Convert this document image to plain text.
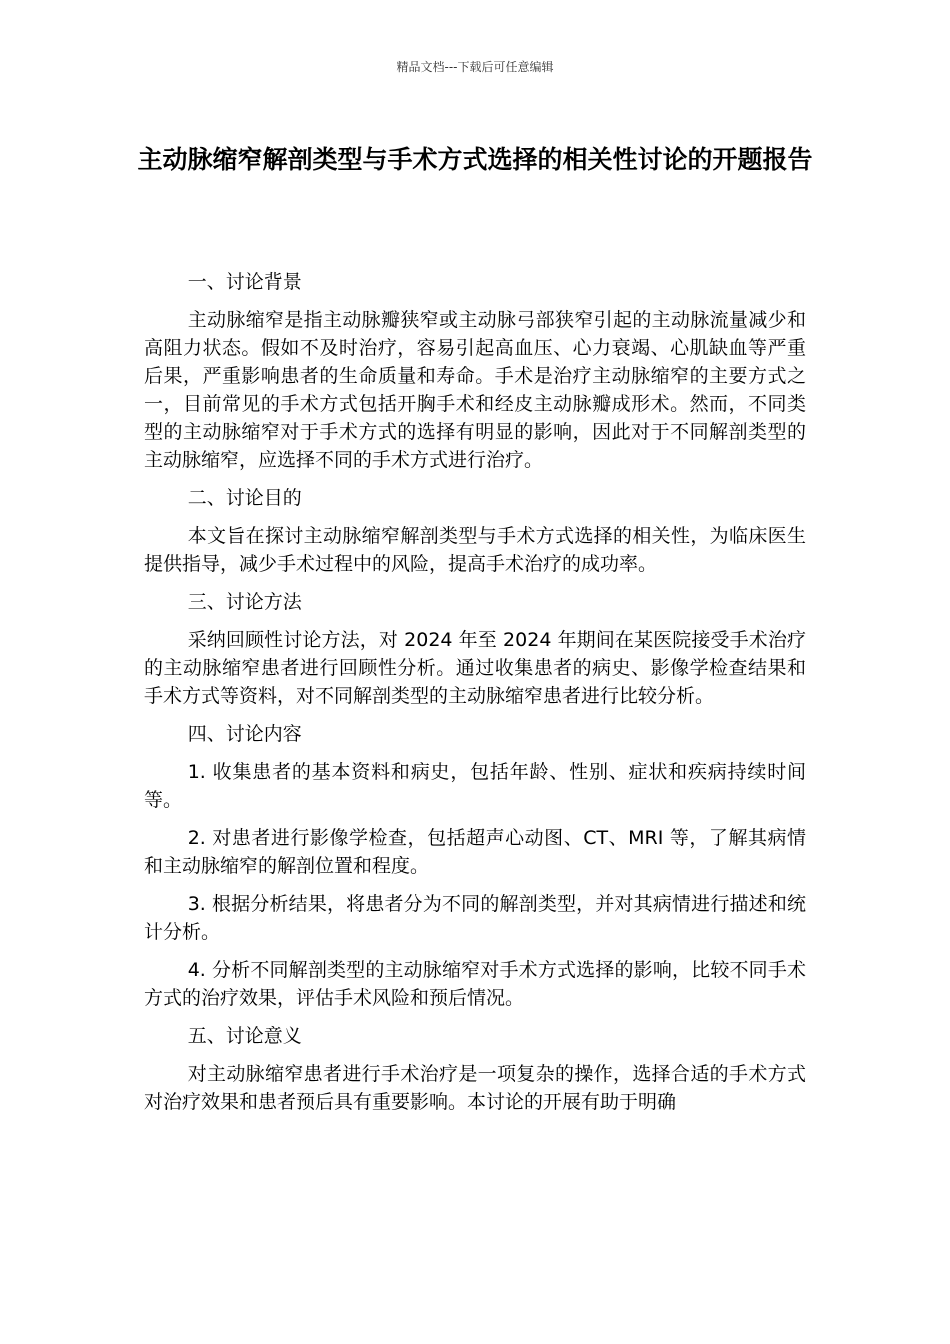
精品文档---下载后可任意编辑
主动脉缩窄解剖类型与手术方式选择的相关性讨论的开题报告
一、讨论背景

主动脉缩窄是指主动脉瓣狭窄或主动脉弓部狭窄引起的主动脉流量减少和高阻力状态。假如不及时治疗，容易引起高血压、心力衰竭、心肌缺血等严重后果，严重影响患者的生命质量和寿命。手术是治疗主动脉缩窄的主要方式之一，目前常见的手术方式包括开胸手术和经皮主动脉瓣成形术。然而，不同类型的主动脉缩窄对于手术方式的选择有明显的影响，因此对于不同解剖类型的主动脉缩窄，应选择不同的手术方式进行治疗。

二、讨论目的

本文旨在探讨主动脉缩窄解剖类型与手术方式选择的相关性，为临床医生提供指导，减少手术过程中的风险，提高手术治疗的成功率。

三、讨论方法

采纳回顾性讨论方法，对 2024 年至 2024 年期间在某医院接受手术治疗的主动脉缩窄患者进行回顾性分析。通过收集患者的病史、影像学检查结果和手术方式等资料，对不同解剖类型的主动脉缩窄患者进行比较分析。

四、讨论内容

1. 收集患者的基本资料和病史，包括年龄、性别、症状和疾病持续时间等。

2. 对患者进行影像学检查，包括超声心动图、CT、MRI 等，了解其病情和主动脉缩窄的解剖位置和程度。

3. 根据分析结果，将患者分为不同的解剖类型，并对其病情进行描述和统计分析。

4. 分析不同解剖类型的主动脉缩窄对手术方式选择的影响，比较不同手术方式的治疗效果，评估手术风险和预后情况。

五、讨论意义

对主动脉缩窄患者进行手术治疗是一项复杂的操作，选择合适的手术方式对治疗效果和患者预后具有重要影响。本讨论的开展有助于明确
